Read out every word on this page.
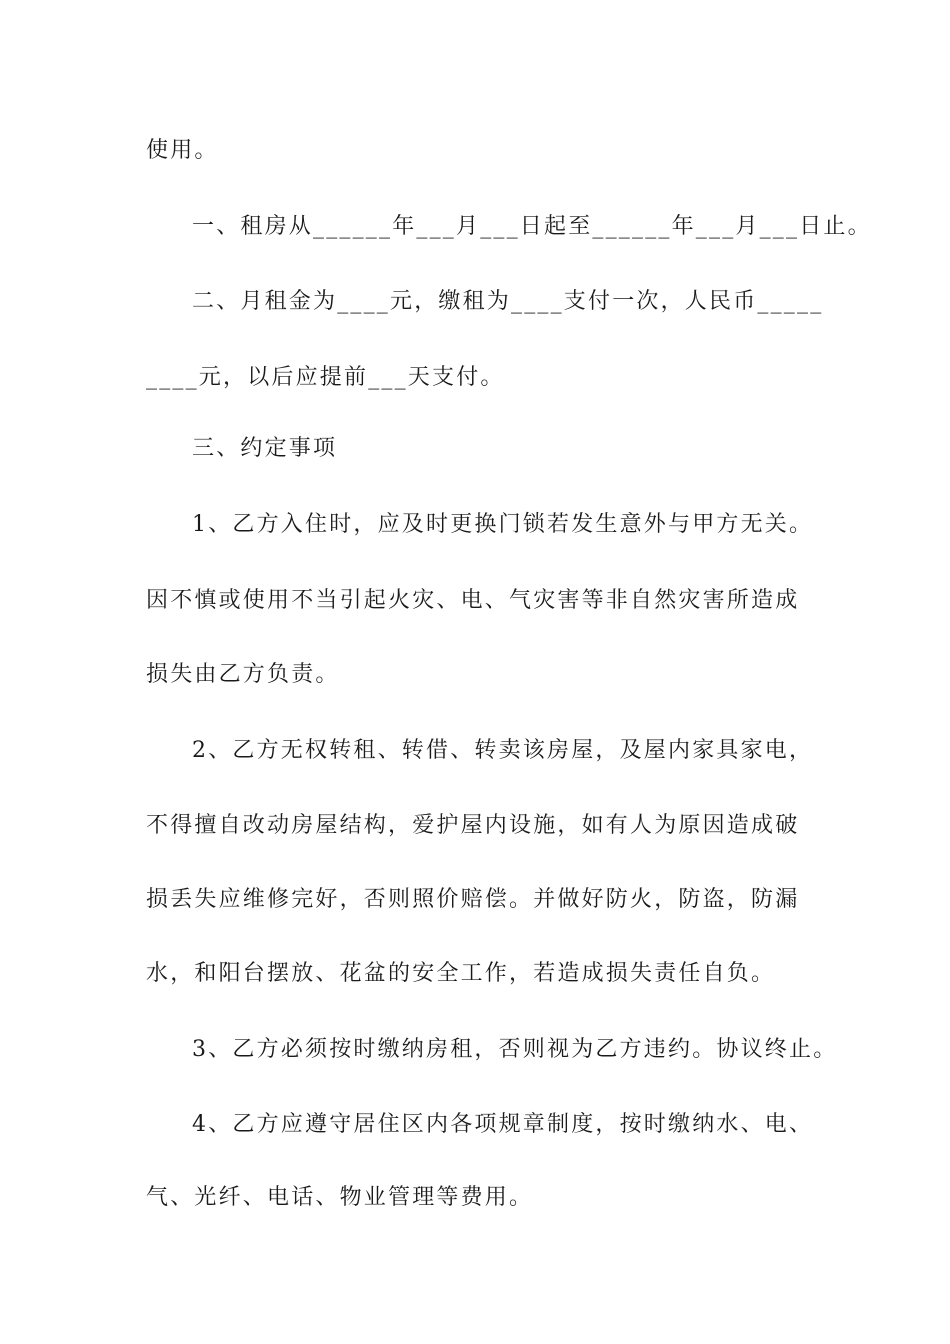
使用。
一、租房从______年___月___日起至______年___月___日止。
二、月租金为____元，缴租为____支付一次，人民币_____
____元，以后应提前___天支付。
三、约定事项
1、乙方入住时，应及时更换门锁若发生意外与甲方无关。
因不慎或使用不当引起火灾、电、气灾害等非自然灾害所造成
损失由乙方负责。
2、乙方无权转租、转借、转卖该房屋，及屋内家具家电，
不得擅自改动房屋结构，爱护屋内设施，如有人为原因造成破
损丢失应维修完好，否则照价赔偿。并做好防火，防盗，防漏
水，和阳台摆放、花盆的安全工作，若造成损失责任自负。
3、乙方必须按时缴纳房租，否则视为乙方违约。协议终止。
4、乙方应遵守居住区内各项规章制度，按时缴纳水、电、
气、光纤、电话、物业管理等费用。
